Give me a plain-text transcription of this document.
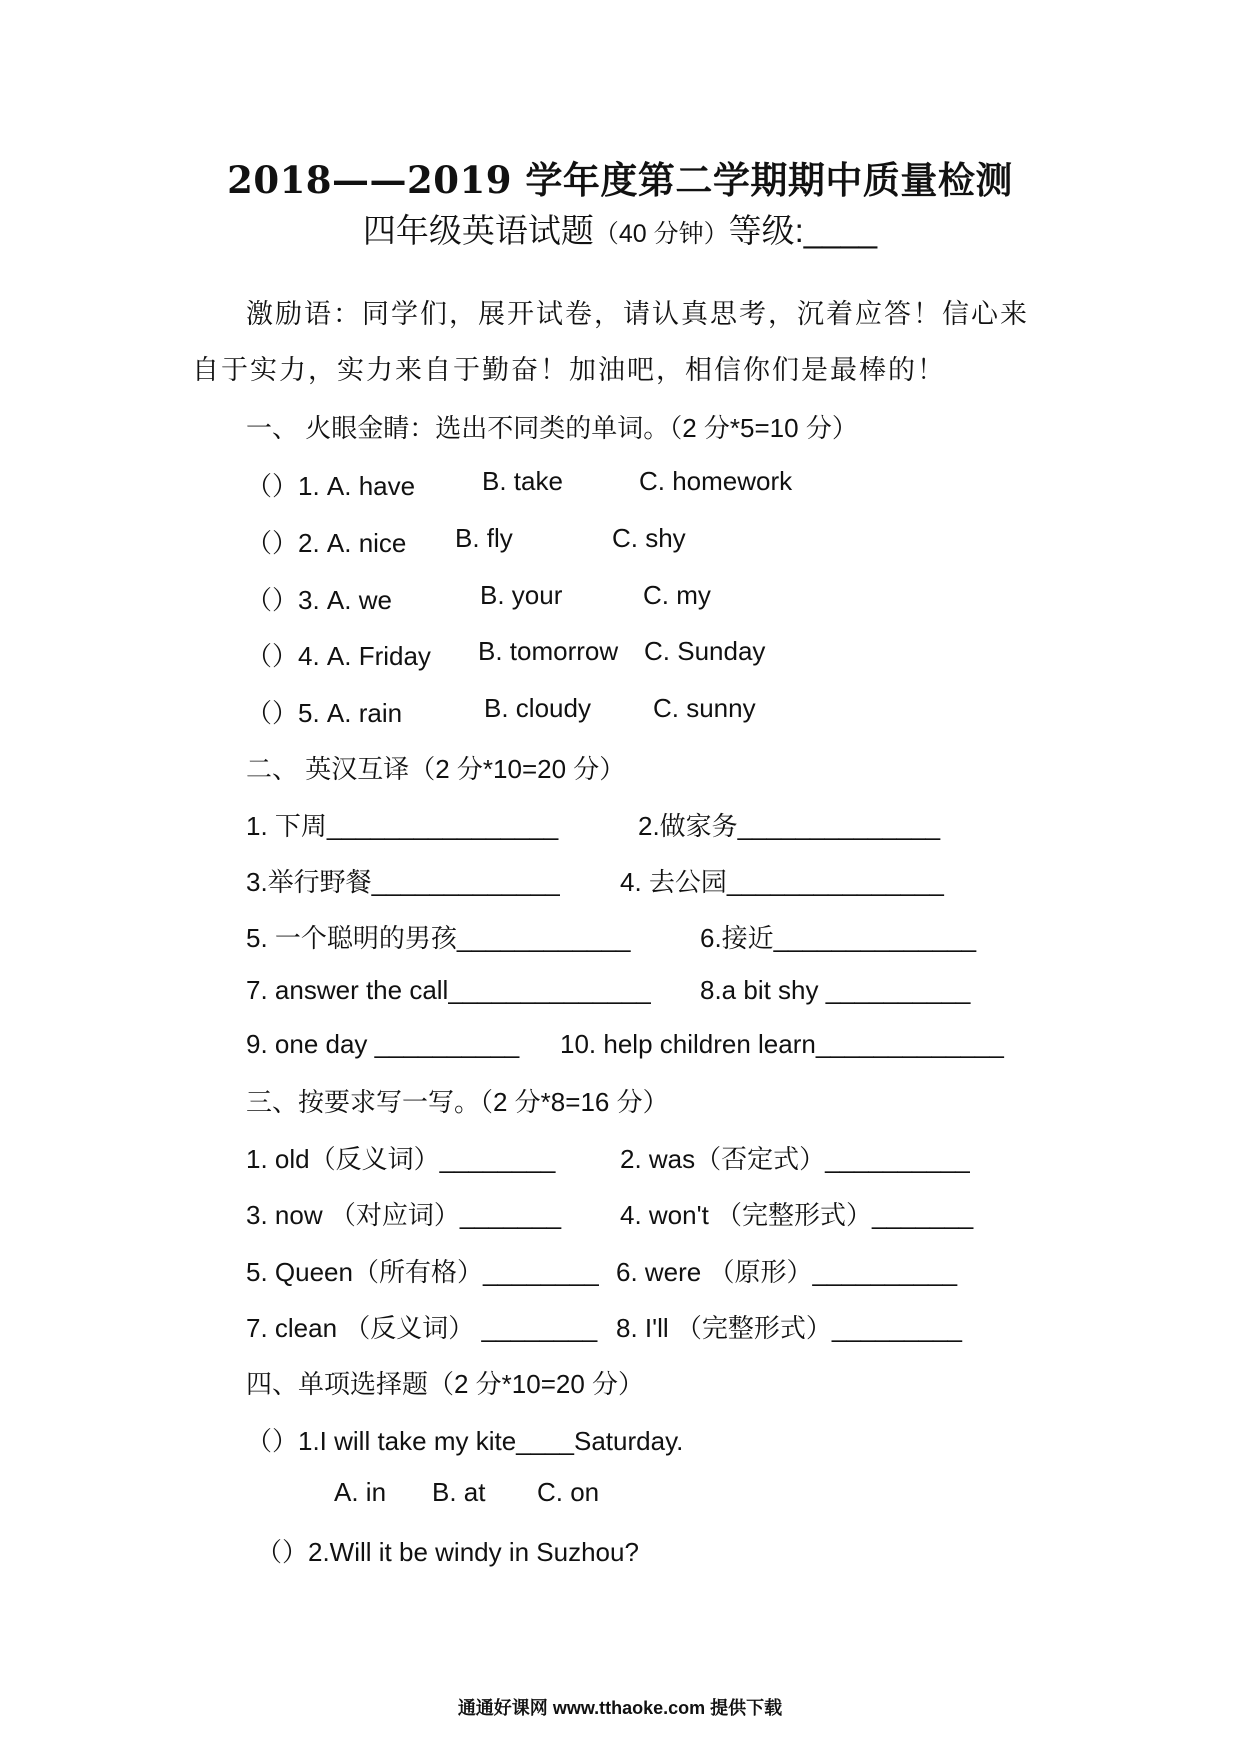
2018——2019 学年度第二学期期中质量检测
四年级英语试题（40 分钟）等级:____
激励语：同学们，展开试卷，请认真思考，沉着应答！信心来
自于实力，实力来自于勤奋！加油吧，相信你们是最棒的！
一、 火眼金睛：选出不同类的单词。（2 分*5=10 分）
（）1. A. have	B. take	C. homework
（）2. A. nice B. fly	C. shy
（）3. A. we	B. your	C. my
（）4. A. Friday B. tomorrow C. Sunday
（）5. A. rain	B. cloudy C. sunny
二、 英汉互译（2 分*10=20 分）
1. 下周________________	2.做家务______________
3.举行野餐_____________ 4. 去公园_______________
5. 一个聪明的男孩____________	6.接近______________
7. answer the call______________ 8.a bit shy __________
9. one day __________ 10. help children learn_____________
三、按要求写一写。（2 分*8=16 分）
1. old（反义词）________ 2. was（否定式）__________
3. now （对应词）_______ 4. won't （完整形式）_______
5. Queen（所有格）________ 6. were （原形）__________
7. clean （反义词） ________ 8. I'll （完整形式）_________
四、单项选择题（2 分*10=20 分）
（）1.I will take my kite____Saturday.
A. in B. at C. on
（）2.Will it be windy in Suzhou?
通通好课网 www.tthaoke.com 提供下载
